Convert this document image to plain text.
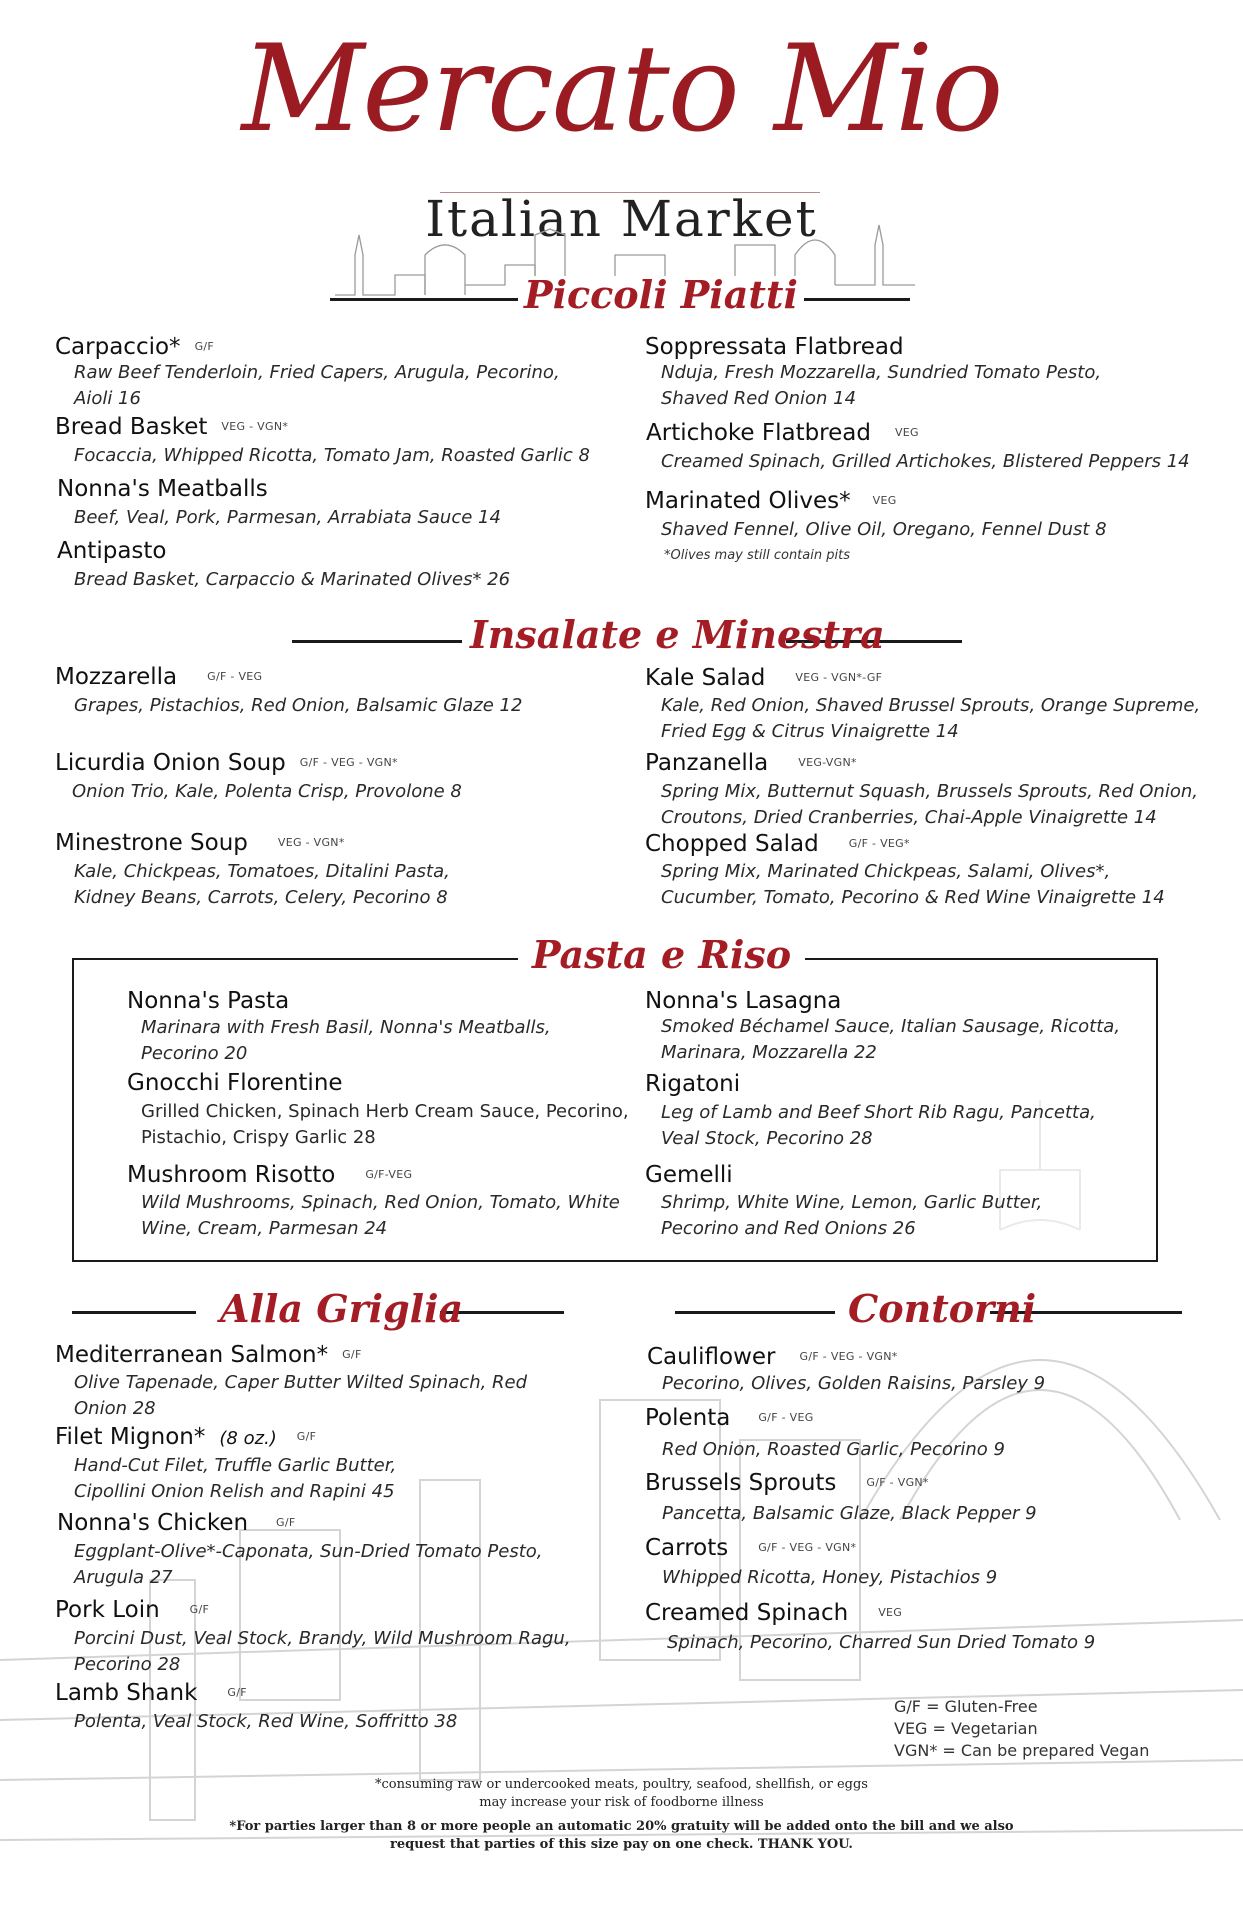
Mercato Mio
Italian Market
Piccoli Piatti
Carpaccio* G/F
Raw Beef Tenderloin, Fried Capers, Arugula, Pecorino,
Aioli 16
Bread Basket VEG - VGN*
Focaccia, Whipped Ricotta, Tomato Jam, Roasted Garlic 8
Nonna's Meatballs
Beef, Veal, Pork, Parmesan, Arrabiata Sauce 14
Antipasto
Bread Basket, Carpaccio & Marinated Olives* 26
Soppressata Flatbread
Nduja, Fresh Mozzarella, Sundried Tomato Pesto,
Shaved Red Onion 14
Artichoke Flatbread VEG
Creamed Spinach, Grilled Artichokes, Blistered Peppers 14
Marinated Olives* VEG
Shaved Fennel, Olive Oil, Oregano, Fennel Dust 8
*Olives may still contain pits
Insalate e Minestra
Mozzarella	G/F - VEG
Grapes, Pistachios, Red Onion, Balsamic Glaze 12
Licurdia Onion Soup G/F - VEG - VGN*
Onion Trio, Kale, Polenta Crisp, Provolone 8
Minestrone Soup	VEG - VGN*
Kale, Chickpeas, Tomatoes, Ditalini Pasta,
Kidney Beans, Carrots, Celery, Pecorino 8
Kale Salad	VEG - VGN*-GF
Kale, Red Onion, Shaved Brussel Sprouts, Orange Supreme,
Fried Egg & Citrus Vinaigrette 14
Panzanella	VEG-VGN*
Spring Mix, Butternut Squash, Brussels Sprouts, Red Onion,
Croutons, Dried Cranberries, Chai-Apple Vinaigrette 14
Chopped Salad	G/F - VEG*
Spring Mix, Marinated Chickpeas, Salami, Olives*,
Cucumber, Tomato, Pecorino & Red Wine Vinaigrette 14
Pasta e Riso
Nonna's Pasta
Marinara with Fresh Basil, Nonna's Meatballs,
Pecorino 20
Gnocchi Florentine
Grilled Chicken, Spinach Herb Cream Sauce, Pecorino,
Pistachio, Crispy Garlic 28
Mushroom Risotto	G/F-VEG
Wild Mushrooms, Spinach, Red Onion, Tomato, White
Wine, Cream, Parmesan 24
Nonna's Lasagna
Smoked Béchamel Sauce, Italian Sausage, Ricotta,
Marinara, Mozzarella 22
Rigatoni
Leg of Lamb and Beef Short Rib Ragu, Pancetta,
Veal Stock, Pecorino 28
Gemelli
Shrimp, White Wine, Lemon, Garlic Butter,
Pecorino and Red Onions 26
Alla Griglia
Mediterranean Salmon* G/F
Olive Tapenade, Caper Butter Wilted Spinach, Red
Onion 28
Filet Mignon* (8 oz.) G/F
Hand-Cut Filet, Truffle Garlic Butter,
Cipollini Onion Relish and Rapini 45
Nonna's Chicken	G/F
Eggplant-Olive*-Caponata, Sun-Dried Tomato Pesto,
Arugula 27
Pork Loin	G/F
Porcini Dust, Veal Stock, Brandy, Wild Mushroom Ragu,
Pecorino 28
Lamb Shank	G/F
Polenta, Veal Stock, Red Wine, Soffritto 38
Contorni
Cauliflower G/F - VEG - VGN*
Pecorino, Olives, Golden Raisins, Parsley 9
Polenta	G/F - VEG
Red Onion, Roasted Garlic, Pecorino 9
Brussels Sprouts	G/F - VGN*
Pancetta, Balsamic Glaze, Black Pepper 9
Carrots	G/F - VEG - VGN*
Whipped Ricotta, Honey, Pistachios 9
Creamed Spinach	VEG
Spinach, Pecorino, Charred Sun Dried Tomato 9
G/F = Gluten-Free
VEG = Vegetarian
VGN* = Can be prepared Vegan
*consuming raw or undercooked meats, poultry, seafood, shellfish, or eggs
may increase your risk of foodborne illness
*For parties larger than 8 or more people an automatic 20% gratuity will be added onto the bill and we also
request that parties of this size pay on one check. THANK YOU.
